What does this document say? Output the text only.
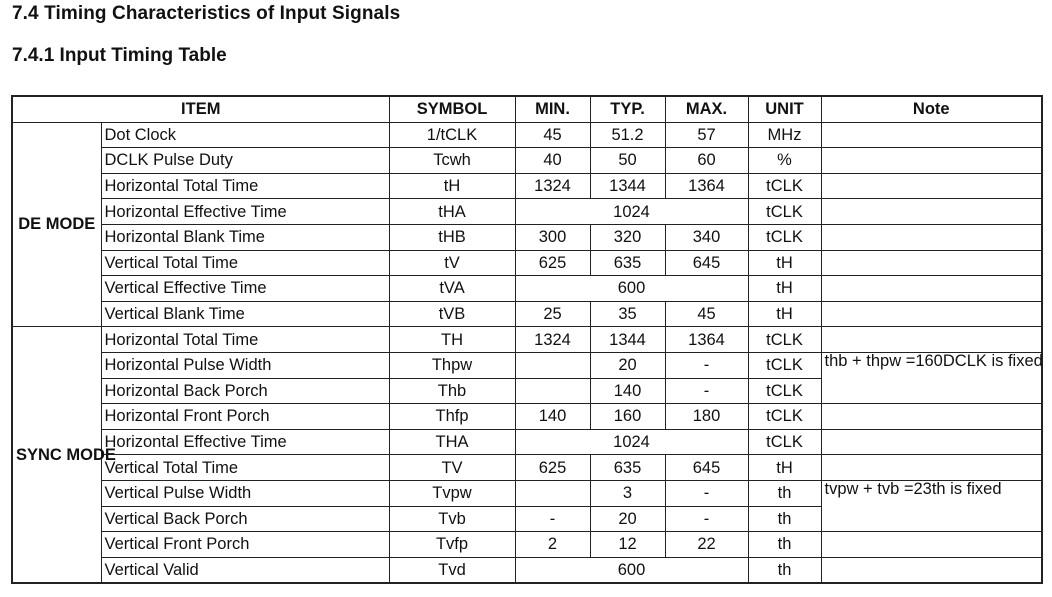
7.4 Timing Characteristics of Input Signals
7.4.1 Input Timing Table
ITEM		SYMBOL	MIN.	TYP.	MAX.	UNIT	Note
DE MODE	Dot Clock	1/tCLK	45	51.2	57	MHz	
	DCLK Pulse Duty	Tcwh	40	50	60	%	
	Horizontal Total Time	tH	1324	1344	1364	tCLK	
	Horizontal Effective Time	tHA	1024			tCLK	
	Horizontal Blank Time	tHB	300	320	340	tCLK	
	Vertical Total Time	tV	625	635	645	tH	
	Vertical Effective Time	tVA	600			tH	
	Vertical Blank Time	tVB	25	35	45	tH	
SYNC MODE	Horizontal Total Time	TH	1324	1344	1364	tCLK	
	Horizontal Pulse Width	Thpw		20	-	tCLK	thb + thpw =160DCLK is fixed
	Horizontal Back Porch	Thb		140	-	tCLK	
	Horizontal Front Porch	Thfp	140	160	180	tCLK	
	Horizontal Effective Time	THA	1024			tCLK	
	Vertical Total Time	TV	625	635	645	tH	
	Vertical Pulse Width	Tvpw		3	-	th	tvpw + tvb =23th is fixed
	Vertical Back Porch	Tvb	-	20	-	th	
	Vertical Front Porch	Tvfp	2	12	22	th	
	Vertical Valid	Tvd	600			th	
